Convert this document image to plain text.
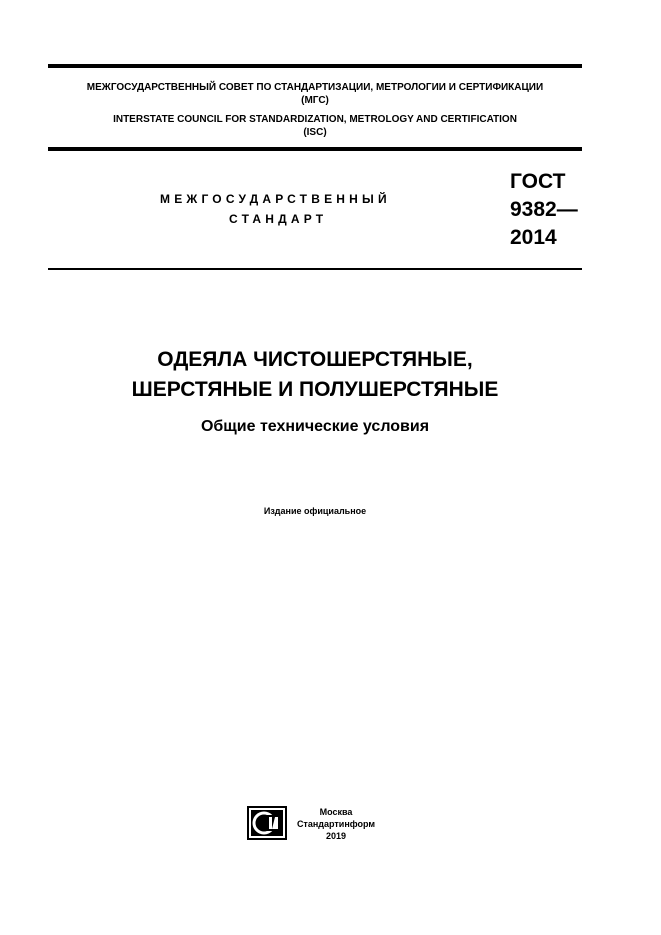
МЕЖГОСУДАРСТВЕННЫЙ СОВЕТ ПО СТАНДАРТИЗАЦИИ, МЕТРОЛОГИИ И СЕРТИФИКАЦИИ
(МГС)
INTERSTATE COUNCIL FOR STANDARDIZATION, METROLOGY AND CERTIFICATION
(ISC)
МЕЖГОСУДАРСТВЕННЫЙ
СТАНДАРТ
ГОСТ
9382—
2014
ОДЕЯЛА ЧИСТОШЕРСТЯНЫЕ,
ШЕРСТЯНЫЕ И ПОЛУШЕРСТЯНЫЕ
Общие технические условия
Издание официальное
Москва
Стандартинформ
2019
